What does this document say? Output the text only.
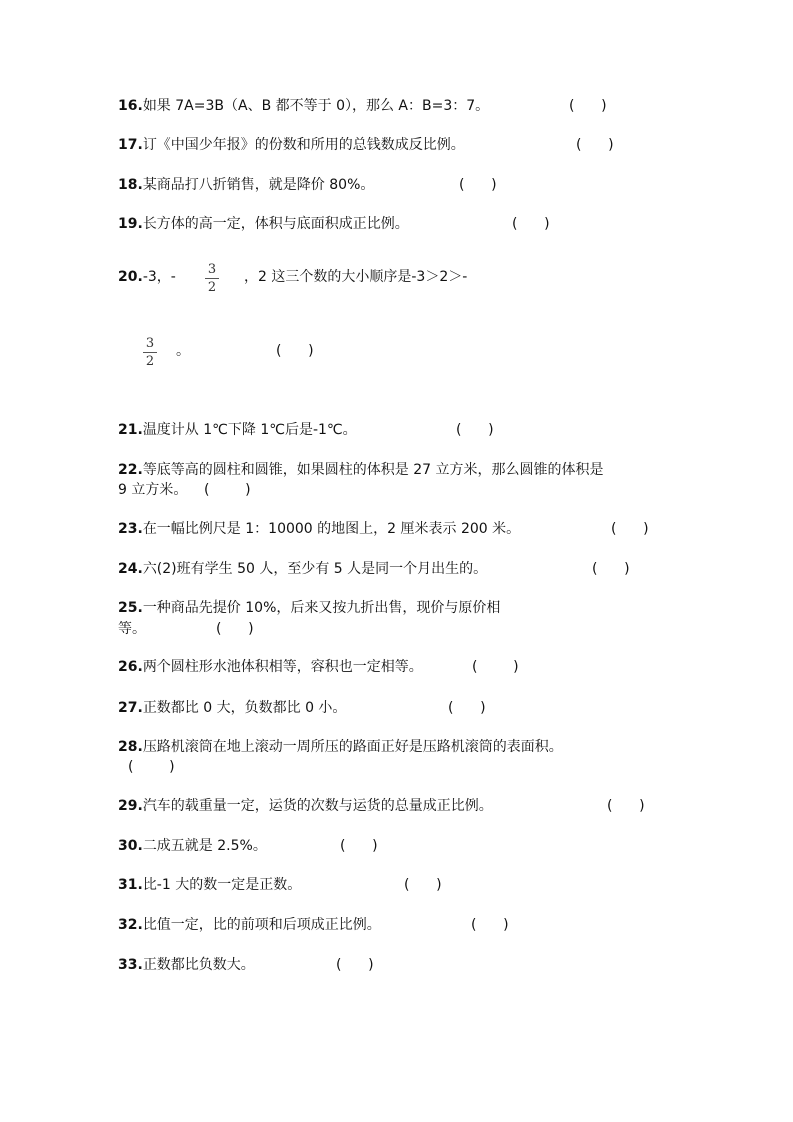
16.如果 7A=3B（A、B 都不等于 0），那么 A：B=3：7。	(      )
17.订《中国少年报》的份数和所用的总钱数成反比例。	(      )
18.某商品打八折销售，就是降价 80%。	(      )
19.长方体的高一定，体积与底面积成正比例。	(      )
20.-3，- 3
2
，2 这三个数的大小顺序是-3＞2＞-
3
2
。	(      )
21.温度计从 1℃下降 1℃后是-1℃。	(      )
22.等底等高的圆柱和圆锥，如果圆柱的体积是 27 立方米，那么圆锥的体积是
9 立方米。 (        )
23.在一幅比例尺是 1：10000 的地图上，2 厘米表示 200 米。	(      )
24.六(2)班有学生 50 人，至少有 5 人是同一个月出生的。	(      )
25.一种商品先提价 10%，后来又按九折出售，现价与原价相
等。	(      )
26.两个圆柱形水池体积相等，容积也一定相等。	(        )
27.正数都比 0 大，负数都比 0 小。	(      )
28.压路机滚筒在地上滚动一周所压的路面正好是压路机滚筒的表面积。
(        )
29.汽车的载重量一定，运货的次数与运货的总量成正比例。	(      )
30.二成五就是 2.5%。	(      )
31.比-1 大的数一定是正数。	(      )
32.比值一定，比的前项和后项成正比例。	(      )
33.正数都比负数大。	(      )
